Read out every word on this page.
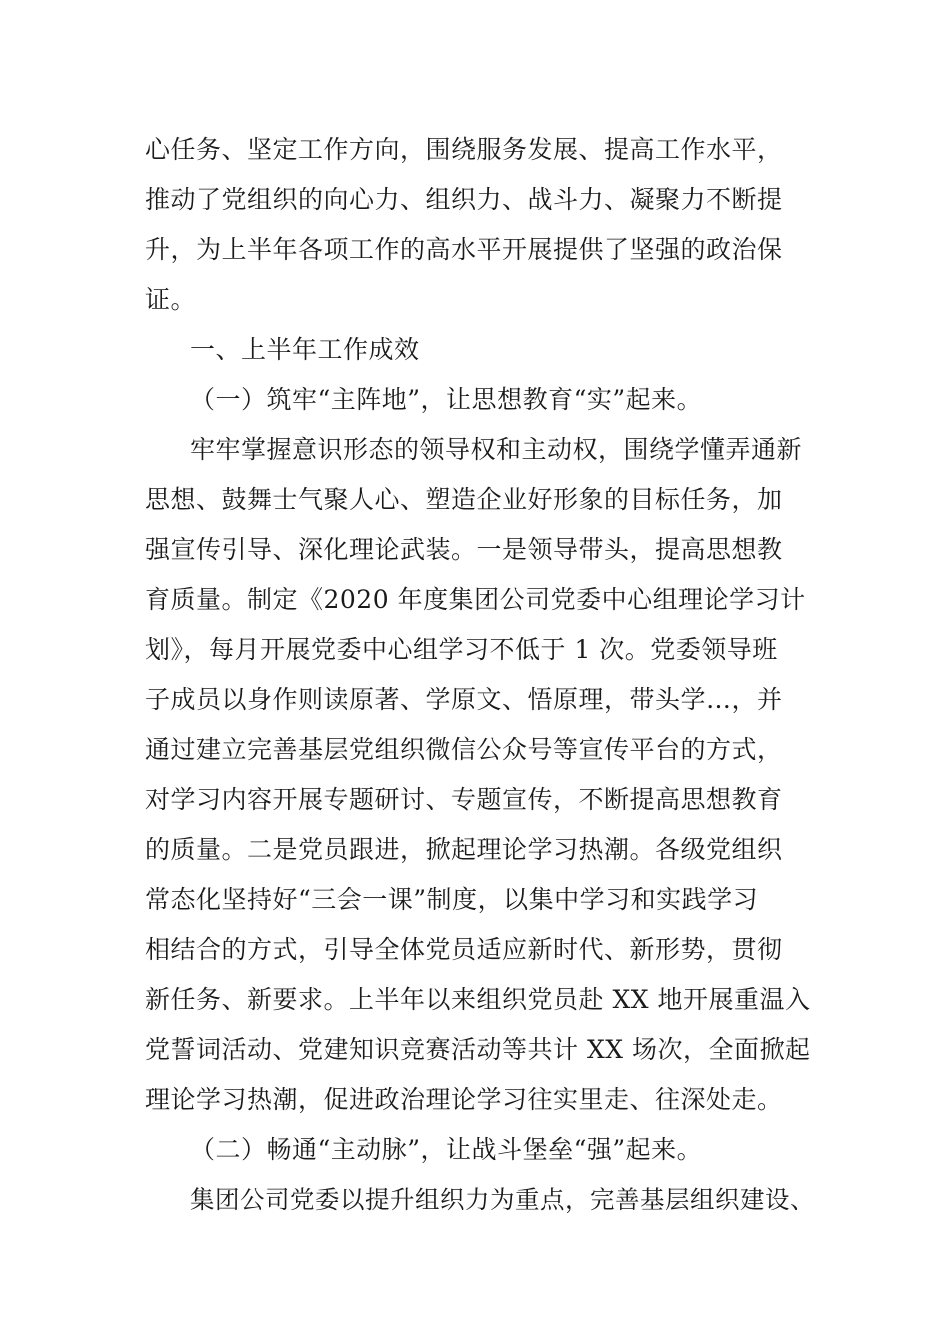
心任务、坚定工作方向，围绕服务发展、提高工作水平，
推动了党组织的向心力、组织力、战斗力、凝聚力不断提
升，为上半年各项工作的高水平开展提供了坚强的政治保
证。
一、上半年工作成效
（一）筑牢“主阵地”，让思想教育“实”起来。
牢牢掌握意识形态的领导权和主动权，围绕学懂弄通新
思想、鼓舞士气聚人心、塑造企业好形象的目标任务，加
强宣传引导、深化理论武装。一是领导带头，提高思想教
育质量。制定《2020 年度集团公司党委中心组理论学习计
划》，每月开展党委中心组学习不低于 1 次。党委领导班
子成员以身作则读原著、学原文、悟原理，带头学…，并
通过建立完善基层党组织微信公众号等宣传平台的方式，
对学习内容开展专题研讨、专题宣传，不断提高思想教育
的质量。二是党员跟进，掀起理论学习热潮。各级党组织
常态化坚持好“三会一课”制度，以集中学习和实践学习
相结合的方式，引导全体党员适应新时代、新形势，贯彻
新任务、新要求。上半年以来组织党员赴 XX 地开展重温入
党誓词活动、党建知识竞赛活动等共计 XX 场次，全面掀起
理论学习热潮，促进政治理论学习往实里走、往深处走。
（二）畅通“主动脉”，让战斗堡垒“强”起来。
集团公司党委以提升组织力为重点，完善基层组织建设、
